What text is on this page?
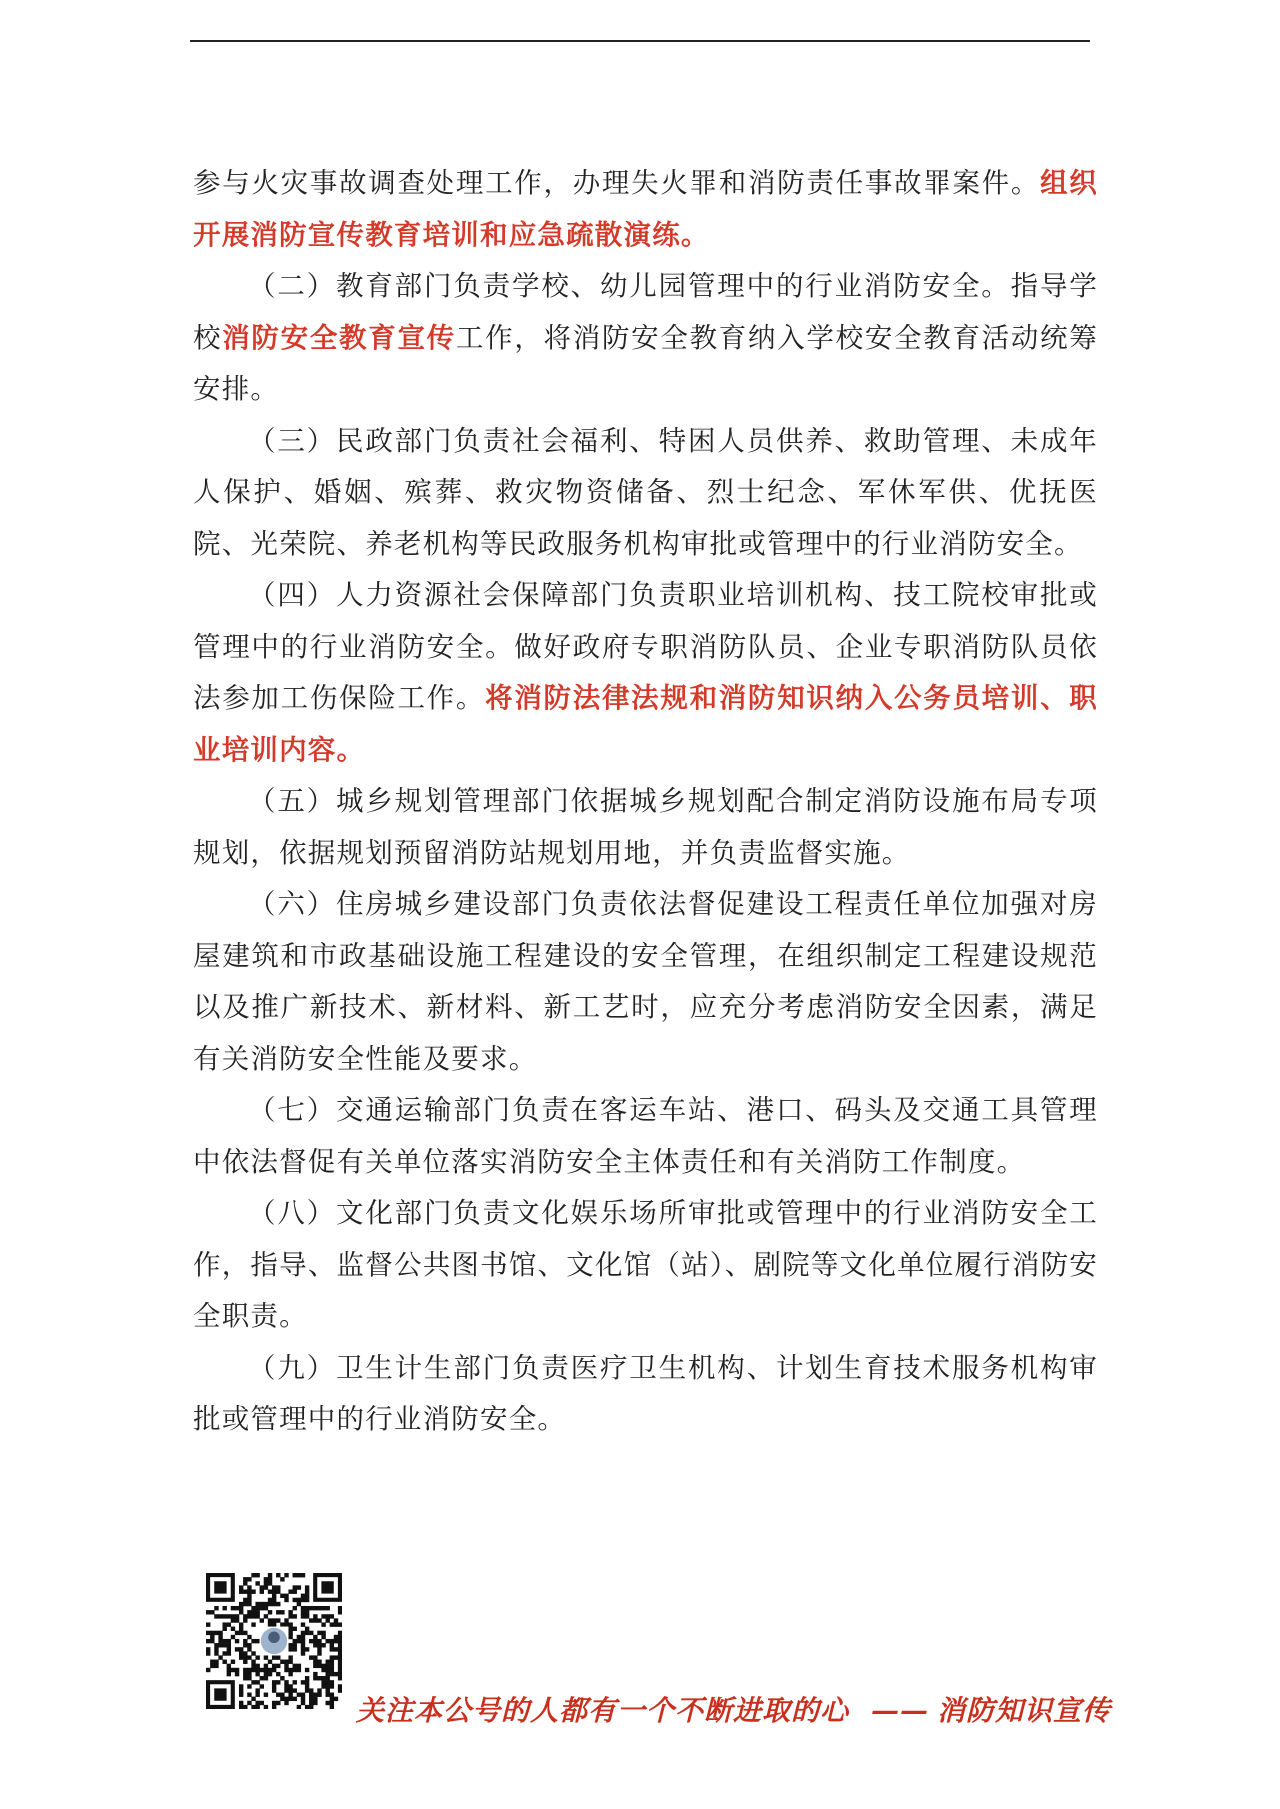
参与火灾事故调查处理工作，办理失火罪和消防责任事故罪案件。组织开展消防宣传教育培训和应急疏散演练。

（二）教育部门负责学校、幼儿园管理中的行业消防安全。指导学校消防安全教育宣传工作，将消防安全教育纳入学校安全教育活动统筹安排。

（三）民政部门负责社会福利、特困人员供养、救助管理、未成年人保护、婚姻、殡葬、救灾物资储备、烈士纪念、军休军供、优抚医院、光荣院、养老机构等民政服务机构审批或管理中的行业消防安全。

（四）人力资源社会保障部门负责职业培训机构、技工院校审批或管理中的行业消防安全。做好政府专职消防队员、企业专职消防队员依法参加工伤保险工作。将消防法律法规和消防知识纳入公务员培训、职业培训内容。

（五）城乡规划管理部门依据城乡规划配合制定消防设施布局专项规划，依据规划预留消防站规划用地，并负责监督实施。

（六）住房城乡建设部门负责依法督促建设工程责任单位加强对房屋建筑和市政基础设施工程建设的安全管理，在组织制定工程建设规范以及推广新技术、新材料、新工艺时，应充分考虑消防安全因素，满足有关消防安全性能及要求。

（七）交通运输部门负责在客运车站、港口、码头及交通工具管理中依法督促有关单位落实消防安全主体责任和有关消防工作制度。

（八）文化部门负责文化娱乐场所审批或管理中的行业消防安全工作，指导、监督公共图书馆、文化馆（站）、剧院等文化单位履行消防安全职责。

（九）卫生计生部门负责医疗卫生机构、计划生育技术服务机构审批或管理中的行业消防安全。

关注本公号的人都有一个不断进取的心 —— 消防知识宣传
